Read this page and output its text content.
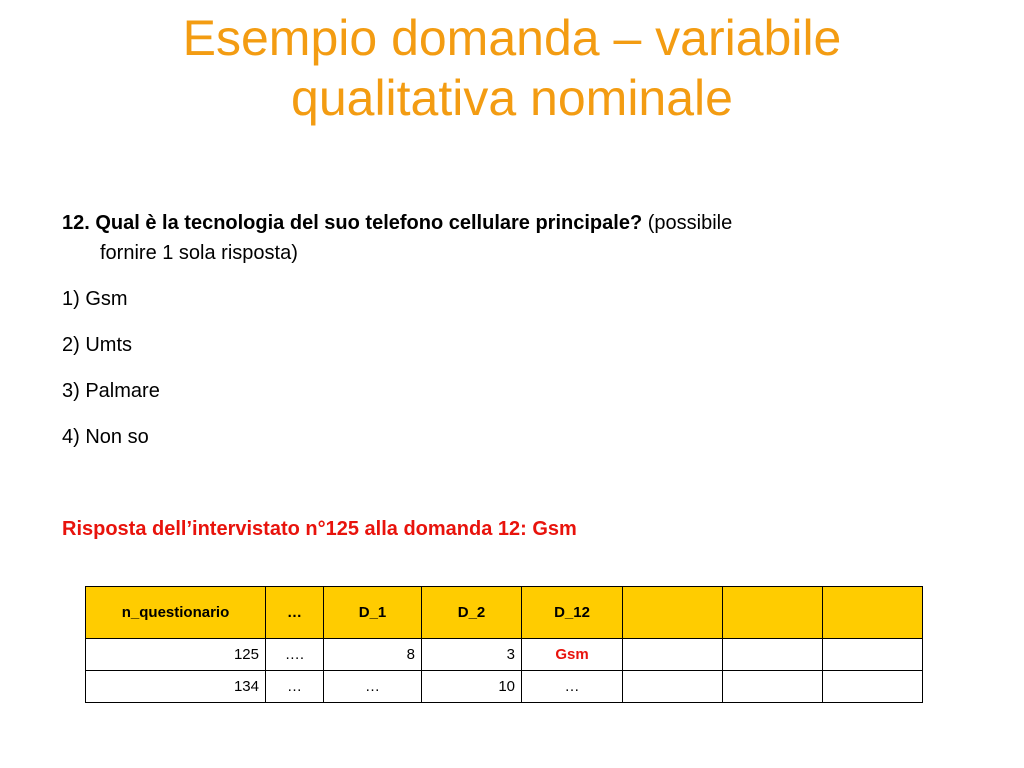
Esempio domanda – variabile
qualitativa nominale
12. Qual è la tecnologia del suo telefono cellulare principale? (possibile
fornire 1 sola risposta)
1) Gsm
2) Umts
3) Palmare
4) Non so
Risposta dell’intervistato n°125 alla domanda 12: Gsm
n_questionario	…	D_1	D_2	D_12			
125	….	8	3	Gsm			
134	…	…	10	…			
